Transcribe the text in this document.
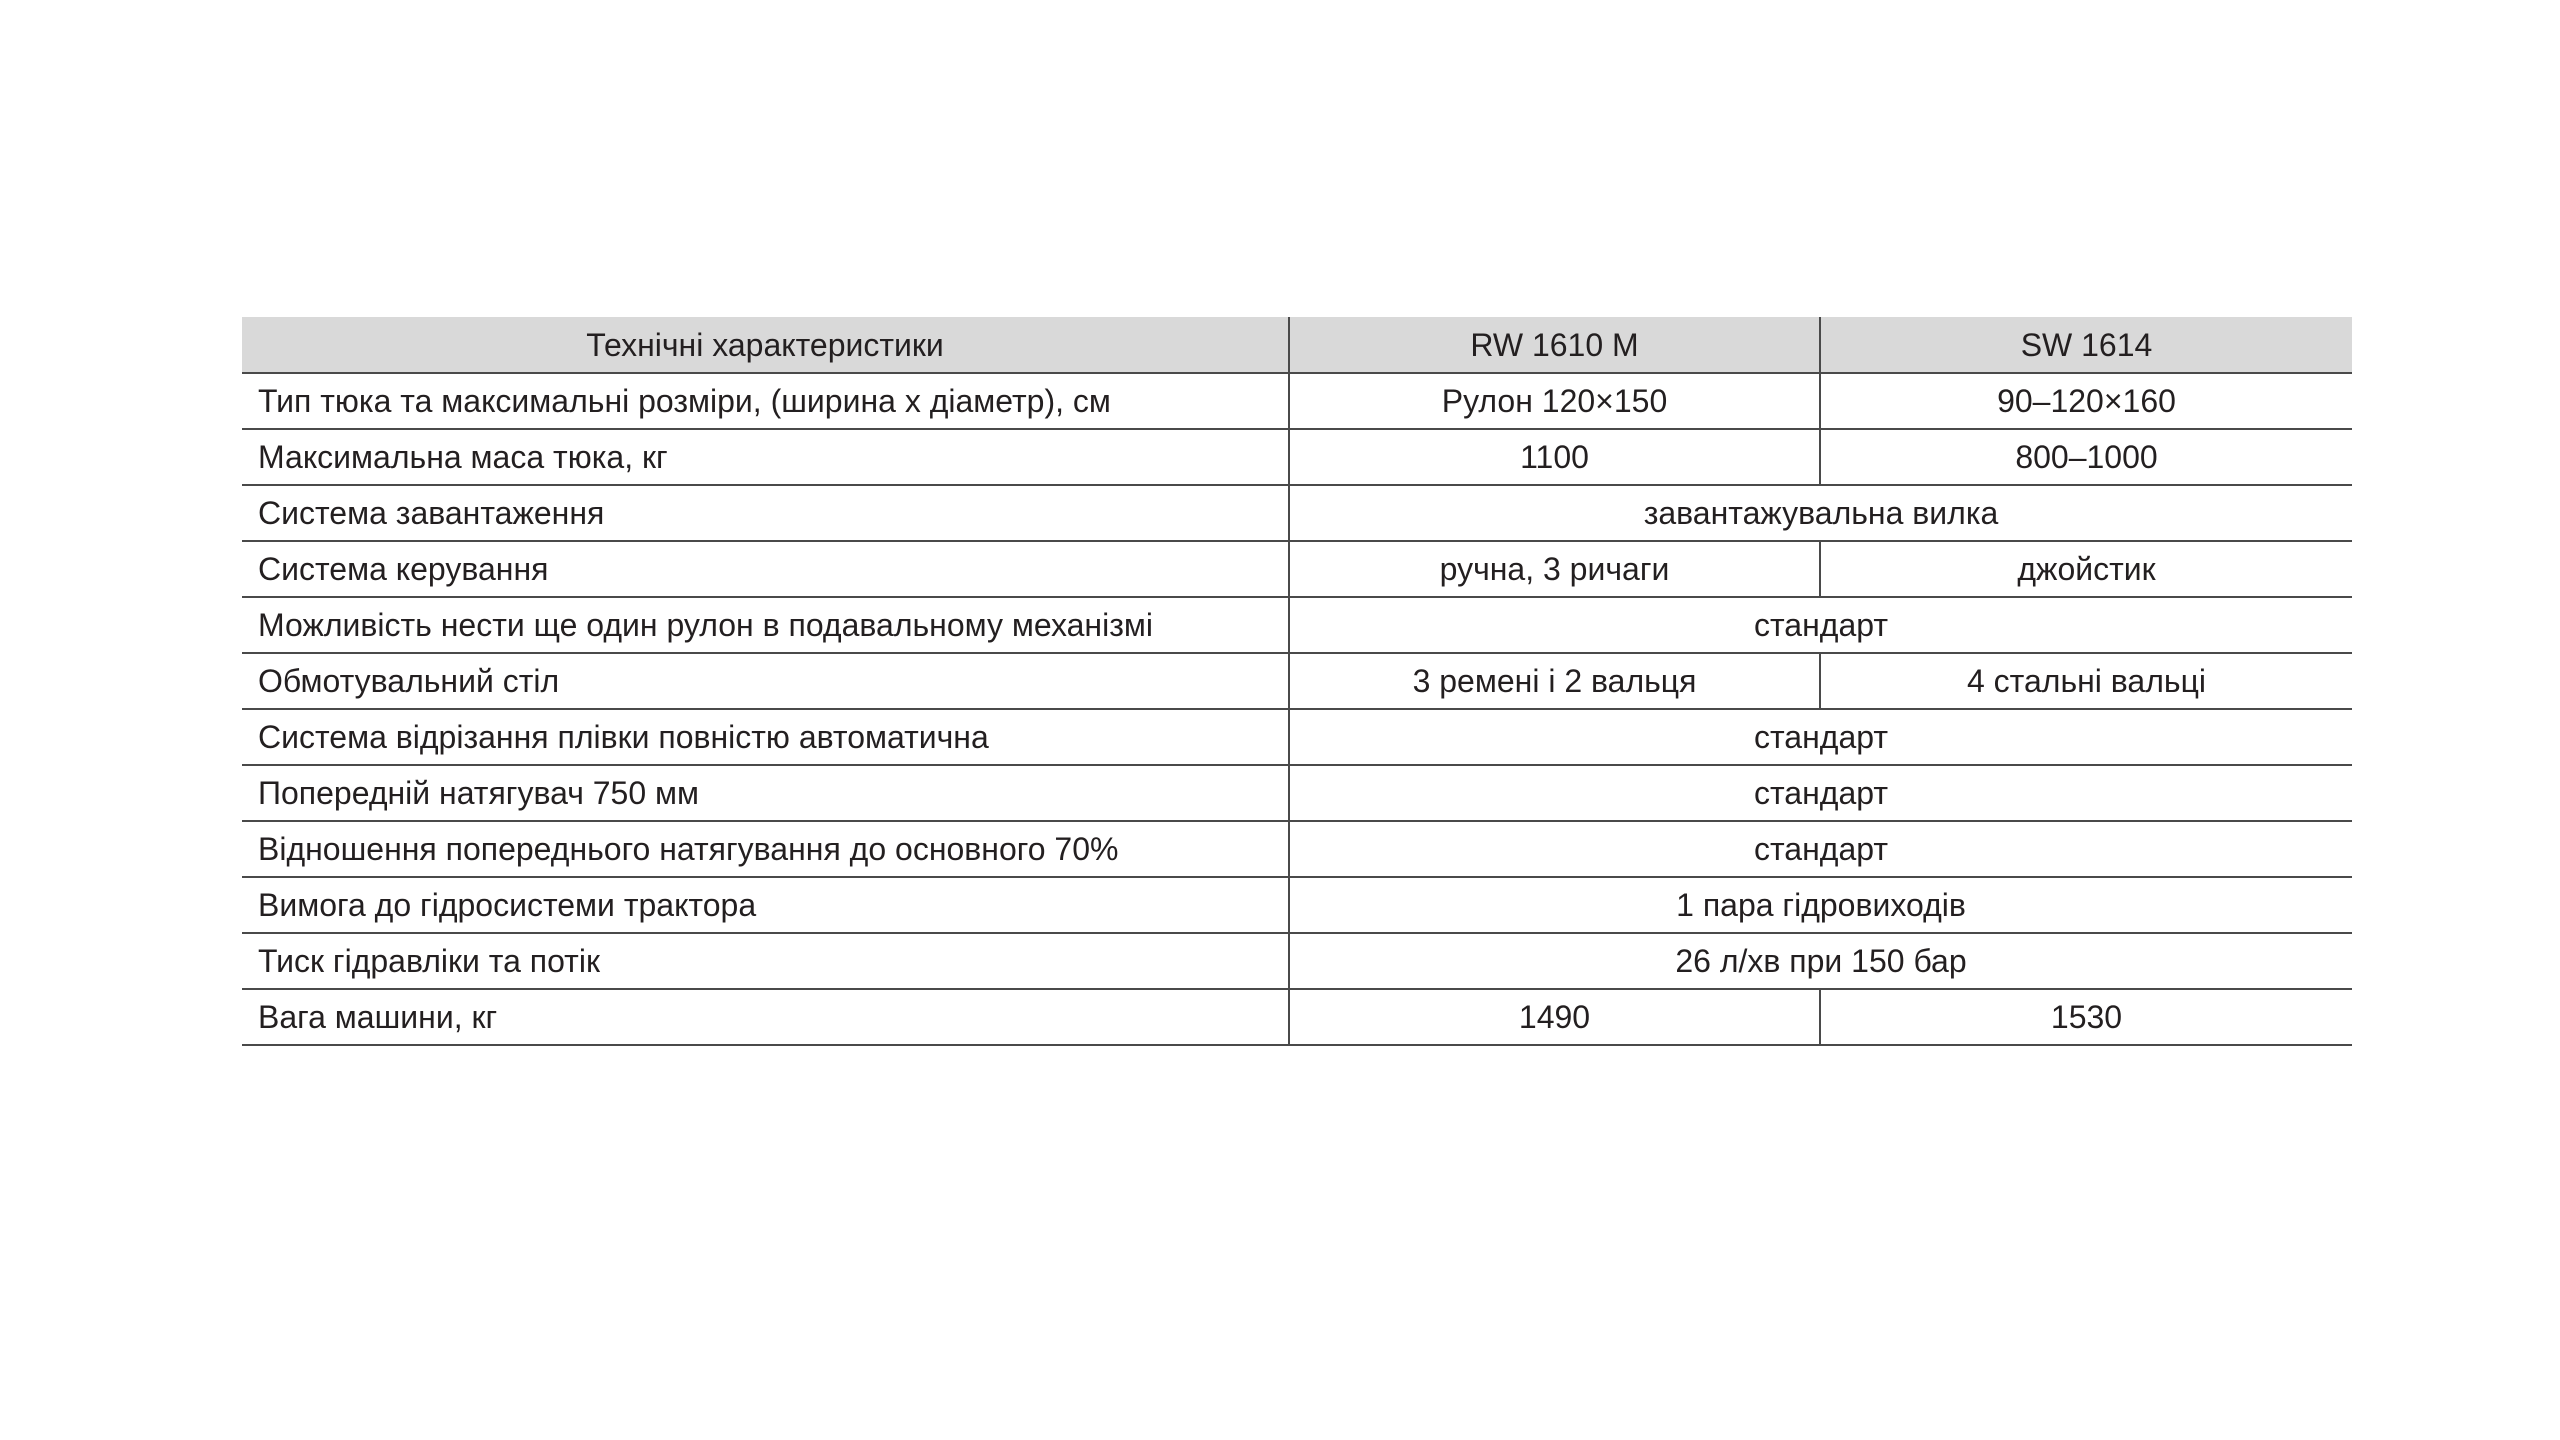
Технічні характеристики	RW 1610 M	SW 1614
Тип тюка та максимальні розміри, (ширина х діаметр), см	Рулон 120×150	90–120×160
Максимальна маса тюка, кг	1100	800–1000
Система завантаження	завантажувальна вилка	
Система керування	ручна, 3 ричаги	джойстик
Можливість нести ще один рулон в подавальному механізмі	стандарт	
Обмотувальний стіл	3 ремені і 2 вальця	4 стальні вальці
Система відрізання плівки повністю автоматична	стандарт	
Попередній натягувач 750 мм	стандарт	
Відношення попереднього натягування до основного 70%	стандарт	
Вимога до гідросистеми трактора	1 пара гідровиходів	
Тиск гідравліки та потік	26 л/хв при 150 бар	
Вага машини, кг	1490	1530
